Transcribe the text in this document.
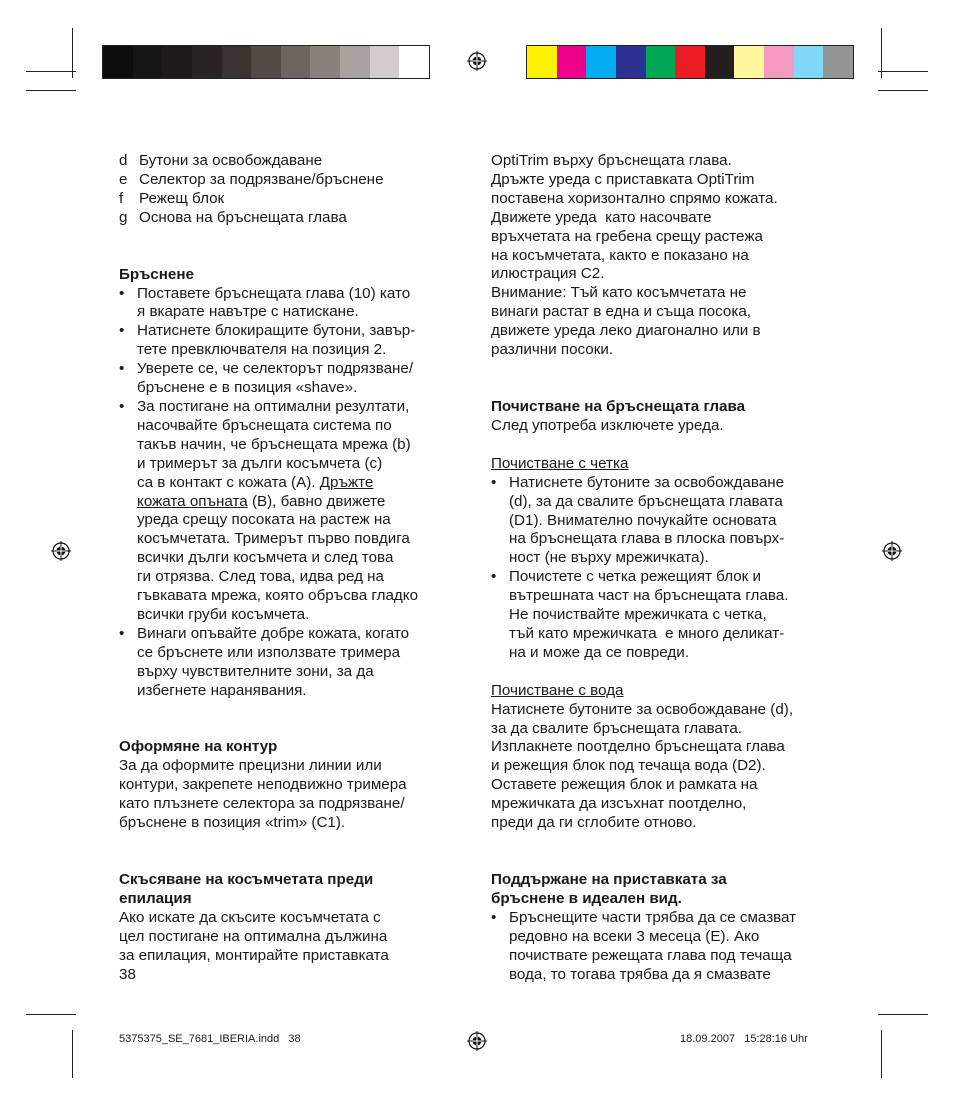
d Бутони за освобождаване
e Селектор за подрязване/бръснене
f	Режещ блок
g Основа на бръснещата глава

Бръснене

• Поставете бръснещата глава (10) като

я вкарате навътре с натискане.

• Натиснете блокиращите бутони, завър-

тете превключвателя на позиция 2.

• Уверете се, че селекторът подрязване/

бръснене е в позиция «shave».

• За постигане на оптимални резултати,

насочвайте бръснещата система по

такъв начин, че бръснещата мрежа (b)

и тримерът за дълги косъмчета (c)

са в контакт с кожата (A). Дръжте

кожата опъната (B), бавно движете

уреда срещу посоката на растеж на

косъмчетата. Тримерът първо повдига

всички дълги косъмчета и след това

ги отрязва. След това, идва ред на

гъвкавата мрежа, която обръсва гладко

всички груби косъмчета.

• Винаги опъвайте добре кожата, когато

се бръснете или използвате тримера

върху чувствителните зони, за да

избегнете наранявания.

Оформяне на контур

За да оформите прецизни линии или

контури, закрепете неподвижно тримера

като плъзнете селектора за подрязване/

бръснене в позиция «trim» (C1).

Скъсяване на косъмчетата преди

епилация

Ако искате да скъсите косъмчетата с

цел постигане на оптимална дължина

за епилация, монтирайте приставката

38

OptiTrim върху бръснещата глава.

Дръжте уреда с приставката OptiTrim

поставена хоризонтално спрямо кожата.

Движете уреда  като насочвате

връхчетата на гребена срещу растежа

на косъмчетата, както е показано на

илюстрация C2.

Внимание: Тъй като косъмчетата не

винаги растат в една и съща посока,

движете уреда леко диагонално или в

различни посоки.

Почистване на бръснещата глава

След употреба изключете уреда.

Почистване с четка

• Натиснете бутоните за освобождаване

(d), за да свалите бръснещата главата

(D1). Внимателно почукайте основата

на бръснещата глава в плоска повърх-

ност (не върху мрежичката).

• Почистете с четка режещият блок и

вътрешната част на бръснещата глава.

Не почиствайте мрежичката с четка,

тъй като мрежичката  е много деликат-

на и може да се повреди.

Почистване с вода

Натиснете бутоните за освобождаване (d),

за да свалите бръснещата главата.

Изплакнете поотделно бръснещата глава

и режещия блок под течаща вода (D2).

Оставете режещия блок и рамката на

мрежичката да изсъхнат поотделно,

преди да ги сглобите отново.

Поддържане на приставката за

бръснене в идеален вид.

• Бръснещите части трябва да се смазват

редовно на всеки 3 месеца (E). Ако

почиствате режещата глава под течаща

вода, то тогава трябва да я смазвате

5375375_SE_7681_IBERIA.indd   38	18.09.2007   15:28:16 Uhr
